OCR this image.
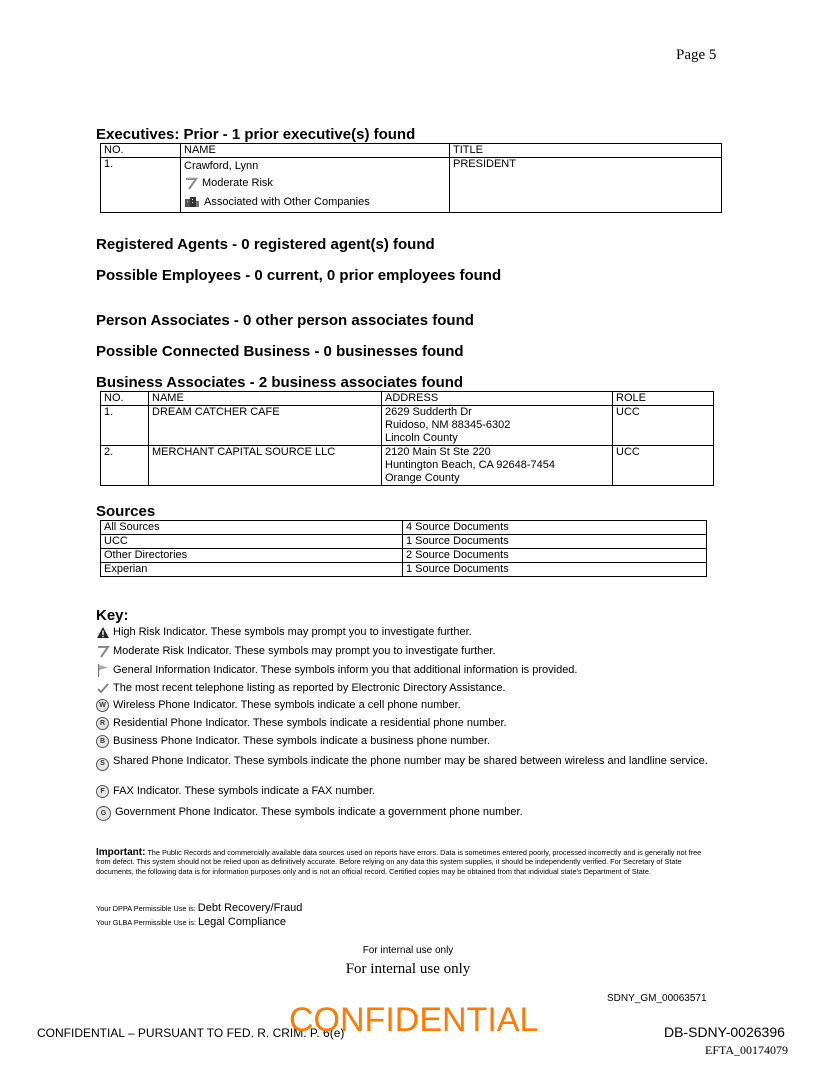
Page 5
Executives: Prior - 1 prior executive(s) found
NO.	NAME	TITLE
1.	Crawford, Lynn
Moderate Risk

Associated with Other Companies	PRESIDENT
Registered Agents - 0 registered agent(s) found
Possible Employees - 0 current, 0 prior employees found
Person Associates - 0 other person associates found
Possible Connected Business - 0 businesses found
Business Associates - 2 business associates found
NO.	NAME	ADDRESS	ROLE
1.	DREAM CATCHER CAFE	2629 Sudderth Dr
Ruidoso, NM 88345-6302
Lincoln County	UCC
2.	MERCHANT CAPITAL SOURCE LLC	2120 Main St Ste 220
Huntington Beach, CA 92648-7454
Orange County	UCC
Sources
All Sources	4 Source Documents
UCC	1 Source Documents
Other Directories	2 Source Documents
Experian	1 Source Documents
Key:
High Risk Indicator. These symbols may prompt you to investigate further.
Moderate Risk Indicator. These symbols may prompt you to investigate further.
General Information Indicator. These symbols inform you that additional information is provided.
The most recent telephone listing as reported by Electronic Directory Assistance.
W Wireless Phone Indicator. These symbols indicate a cell phone number.
R Residential Phone Indicator. These symbols indicate a residential phone number.
B Business Phone Indicator. These symbols indicate a business phone number.
S Shared Phone Indicator. These symbols indicate the phone number may be shared between wireless and landline service.
F FAX Indicator. These symbols indicate a FAX number.
G Government Phone Indicator. These symbols indicate a government phone number.
Important: The Public Records and commercially available data sources used on reports have errors. Data is sometimes entered poorly, processed incorrectly and is generally not free from defect. This system should not be relied upon as definitively accurate. Before relying on any data this system supplies, it should be independently verified. For Secretary of State documents, the following data is for information purposes only and is not an official record. Certified copies may be obtained from that individual state's Department of State.
Your DPPA Permissible Use is: Debt Recovery/Fraud
Your GLBA Permissible Use is: Legal Compliance
For internal use only
For internal use only
SDNY_GM_00063571
CONFIDENTIAL – PURSUANT TO FED. R. CRIM. P. 6(e)
CONFIDENTIAL	DB-SDNY-0026396
EFTA_00174079
